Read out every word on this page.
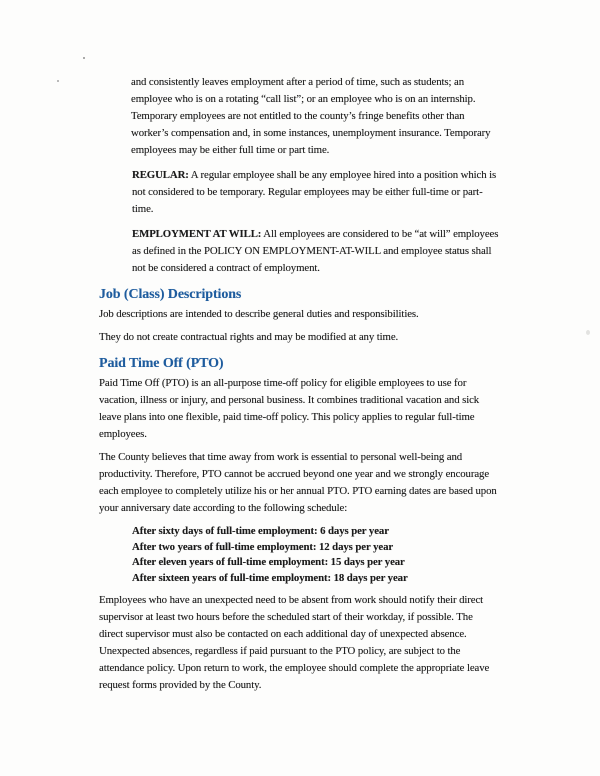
and consistently leaves employment after a period of time, such as students; an employee who is on a rotating “call list”; or an employee who is on an internship. Temporary employees are not entitled to the county’s fringe benefits other than worker’s compensation and, in some instances, unemployment insurance. Temporary employees may be either full time or part time.

REGULAR: A regular employee shall be any employee hired into a position which is not considered to be temporary. Regular employees may be either full-time or part-time.
EMPLOYMENT AT WILL: All employees are considered to be “at will” employees as defined in the POLICY ON EMPLOYMENT-AT-WILL and employee status shall not be considered a contract of employment.
Job (Class) Descriptions

Job descriptions are intended to describe general duties and responsibilities.

They do not create contractual rights and may be modified at any time.

Paid Time Off (PTO)

Paid Time Off (PTO) is an all-purpose time-off policy for eligible employees to use for vacation, illness or injury, and personal business. It combines traditional vacation and sick leave plans into one flexible, paid time-off policy. This policy applies to regular full-time employees.

The County believes that time away from work is essential to personal well-being and productivity. Therefore, PTO cannot be accrued beyond one year and we strongly encourage each employee to completely utilize his or her annual PTO. PTO earning dates are based upon your anniversary date according to the following schedule:

After sixty days of full-time employment: 6 days per year
After two years of full-time employment: 12 days per year
After eleven years of full-time employment: 15 days per year
After sixteen years of full-time employment: 18 days per year

Employees who have an unexpected need to be absent from work should notify their direct supervisor at least two hours before the scheduled start of their workday, if possible. The direct supervisor must also be contacted on each additional day of unexpected absence. Unexpected absences, regardless if paid pursuant to the PTO policy, are subject to the attendance policy. Upon return to work, the employee should complete the appropriate leave request forms provided by the County.
